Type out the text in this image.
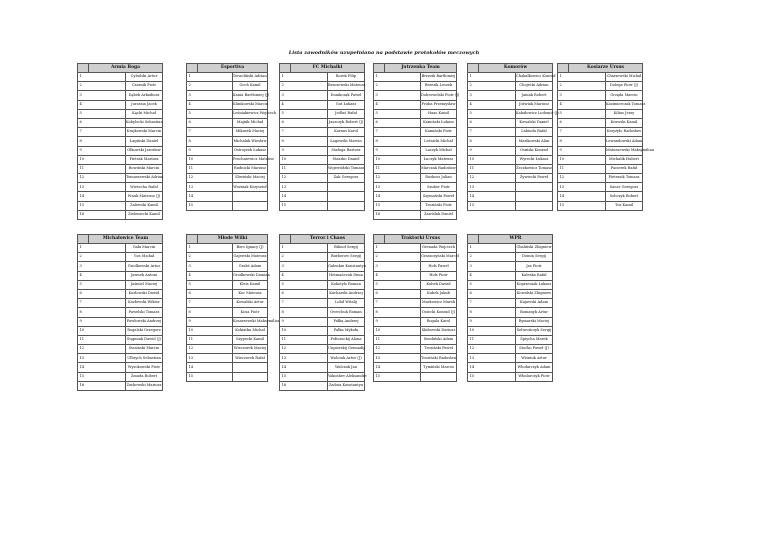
Lista zawodników uzupełniana na podstawie protokołów meczowych
	Armia Boga	
1		Cybulski Artur
2		Czarnik Piotr
3		Dąbek Arkadiusz
4		Jurassia Jacek
5		Kącki Michał
6		Kobylecki Sebastian
7		Krajkowski Marcin
8		Łagiński Daniel
9		Olkowski Jarosław
10		Pietrak Mariusz
11		Rowiński Marcin
12		Tomaszewski Adrian
13		Wietecha Rafał
14		Wnuk Mateusz (J)
15		Zalewski Kamil
16		Zieleniecki Kamil
	Esportiva	
1		Dowoliński Adrian
2		Goch Kamil
3		Kania Bartłomiej (J)
4		Klimkowski Marcin
5		Leśniakiewicz Wojciech
6		Majnik Michał
7		Mikusek Maciej
8		Michalak Wiesław
9		Ostrzyżek Łukasz
10		Prochniewicz Mateusz
11		Rudnicki Mariusz
12		Śliwiński Maciej
13		Woźniak Krzysztof
14		
15		
	FC Michalki	
1		Borek Filip
2		Brzozowski Mateusz
3		Dunikczak Paweł
4		Gut Łukasz
5		Jedluś Rafał
6		Jaszczyk Robert (J)
7		Karnas Karol
8		Łagowski Marcin
9		Stafuga Bartosz
10		Staszko Daniel
11		Wojewódzki Tomasz
12		Żak Grzegorz
13		
14		
15		
	Jutrzenka Team	
1		Brzezik Bartłomiej
2		Brzezik Leszek
3		Dobrowolski Piotr (J)
4		Fruba Przemysław
5		Haas Kamil
6		Kamiński Łukasz
7		Kamiński Piotr
8		Leśnicki Michał
9		Laczyk Michał
10		Łuczyk Mateusz
11		Marczak Radosław
12		Rozkosz Julian
13		Szuber Piotr
14		Szymański Paweł
15		Troziński Piotr
16		Zawiślak Daniel
	Komorów	
1		Chakalkowicz Konrad
2		Chojecki Adrian
3		Janiak Robert
4		Jóźwiak Mariusz
5		Kabałowicz Ludomir (J)
6		Kowalski Daniel
7		Labiuda Rafał
8		Marikowski Alan
9		Osiński Konrad
10		Wyrecki Łukasz
11		Żeczkowicz Tomasz
12		Żywiecki Paweł
13		
14		
15		
	Kosiarze Ursus	
1		Charzewski Michał
2		Dolega Piotr (J)
3		Grzęda Marcin
4		Kazimierczak Tomasz
5		Kilias Jerzy
6		Krawski Kamil
7		Krzyżyło Radosław
8		Lewandowski Adam
9		Matuszewski Maksymilian
10		Michalik Hubert
11		Pacierek Rafał
12		Pietrasik Tomasz
13		Sauer Grzegorz
14		Sobczyk Robert
15		Tur Kamil
	Michałowice Team	
1		Gała Marcin
2		Gos Michał
3		Grodkowski Artur
4		Jasmek Antoni
5		Jaśmiel Maciej
6		Kozłowski Dawid
7		Kozłowski Wiktor
8		Pawelski Tomasz
9		Pawłowski Andrzej
10		Rogalski Grzegorz
11		Stępniak Dawid (J)
12		Stasinski Marcin
13		Ulbrych Sebastian
14		Wysokowski Piotr
15		Żmuda Robert
16		Żurkowski Mariusz
	Młode Wilki	
1		Bors Ignacy (J)
2		Gajewski Mateusz
3		Grabś Adam
4		Grodkowski Damian
5		Kleis Kamil
6		Koc Mateusz
7		Kowalski Artur
8		Kosa Piotr
9		Kosarzewski Maksymilian
10		Kokiatka Michał
11		Szypecki Kamil
12		Wieczorek Maciej
13		Wieczorek Rafał
14		
15		
	Terror i Chaos	
1		Bilinoł Sergij
2		Burborow Sergij
3		Galenkin Konstantyn
4		Hetmańczuk Dima
5		Kokotyło Roman
6		Kucharski Andrzej
7		Lobił Witalij
8		Overchuk Roman
9		Pałka Andrzej
10		Pałka Mykoła
11		Połtorackij Alona
12		Unpiorskij Gennadij
13		Walczak Artur (J)
14		Walczak Jan
15		Yakushev Aleksandre
16		Zadoia Konstantyn
	Traktorki Ursus	
1		Grenada Wojciech
2		Graszczyński Marcel
3		Hołs Paweł
4		Hołs Piotr
5		Kubek Dawid
6		Kubek Jakub
7		Markowicz Marek
8		Osiecki Konrad (J)
9		Rogala Karol
10		Skibowski Dariusz
11		Smoliński Adam
12		Troziński Paweł
13		Troziński Radosław
14		Tymiński Marcin
15		
	WPR	
1		Chaliński Zbigniew
2		Domin Sergij
3		Jaz Piotr
4		Kaleska Rafał
5		Koprzeniak Łukasz
6		Kowalski Zbigniew
7		Kujawski Adam
8		Romanyk Artur
9		Rymarski Maciej
10		Seliwończyk Sergij
11		Śpiycha Marek
12		Stoćko Paweł (J)
13		Wiśniuk Artur
14		Włodarczyk Adam
15		Włodarczyk Piotr
